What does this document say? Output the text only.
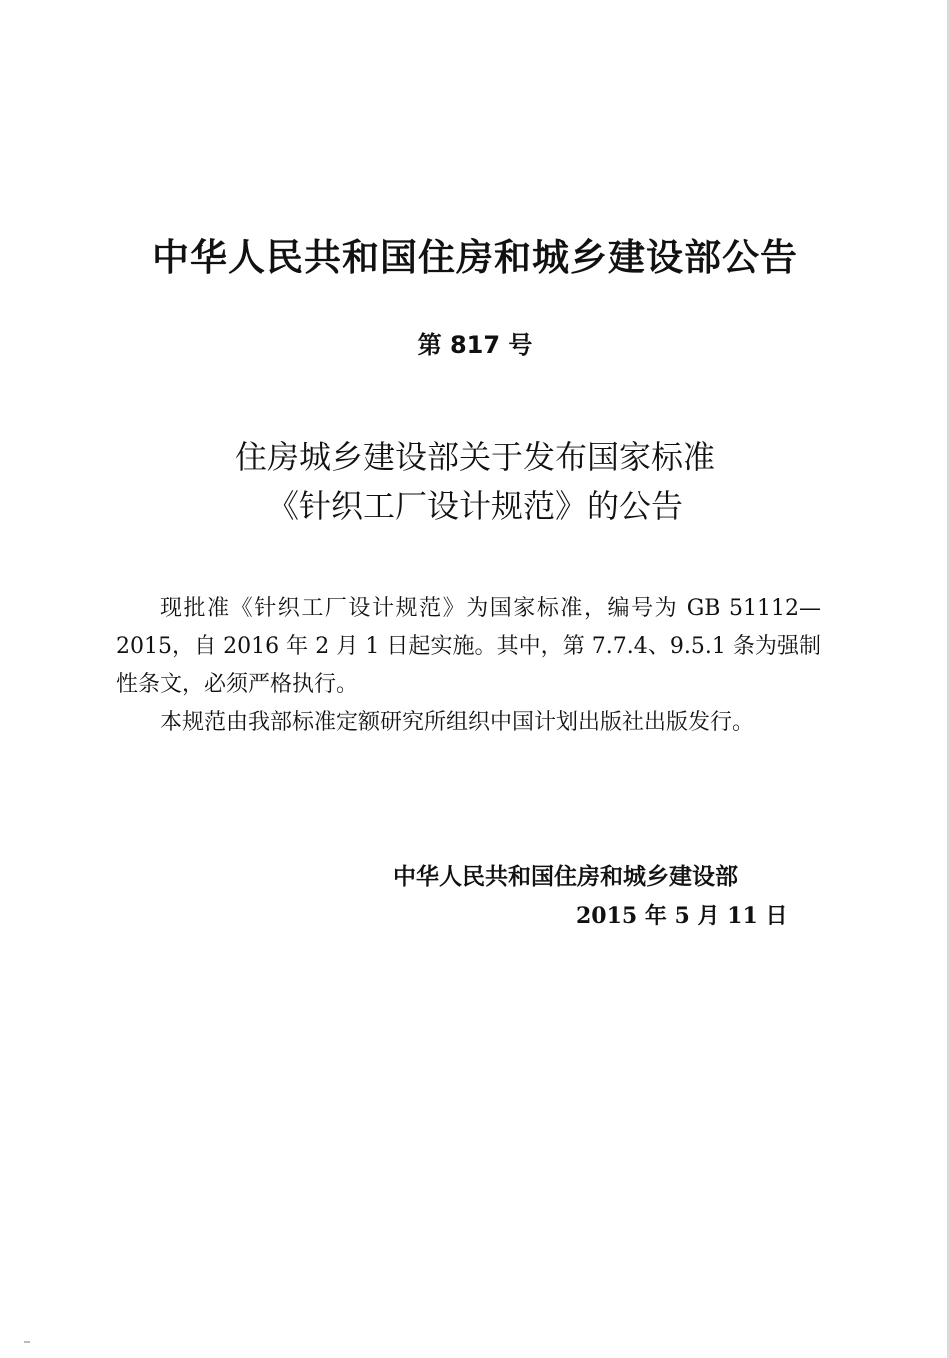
中华人民共和国住房和城乡建设部公告
第 817 号
住房城乡建设部关于发布国家标准
《针织工厂设计规范》的公告

现批准《针织工厂设计规范》为国家标准，编号为 GB 51112—2015，自 2016 年 2 月 1 日起实施。其中，第 7.7.4、9.5.1 条为强制性条文，必须严格执行。

本规范由我部标准定额研究所组织中国计划出版社出版发行。

中华人民共和国住房和城乡建设部
2015 年 5 月 11 日
